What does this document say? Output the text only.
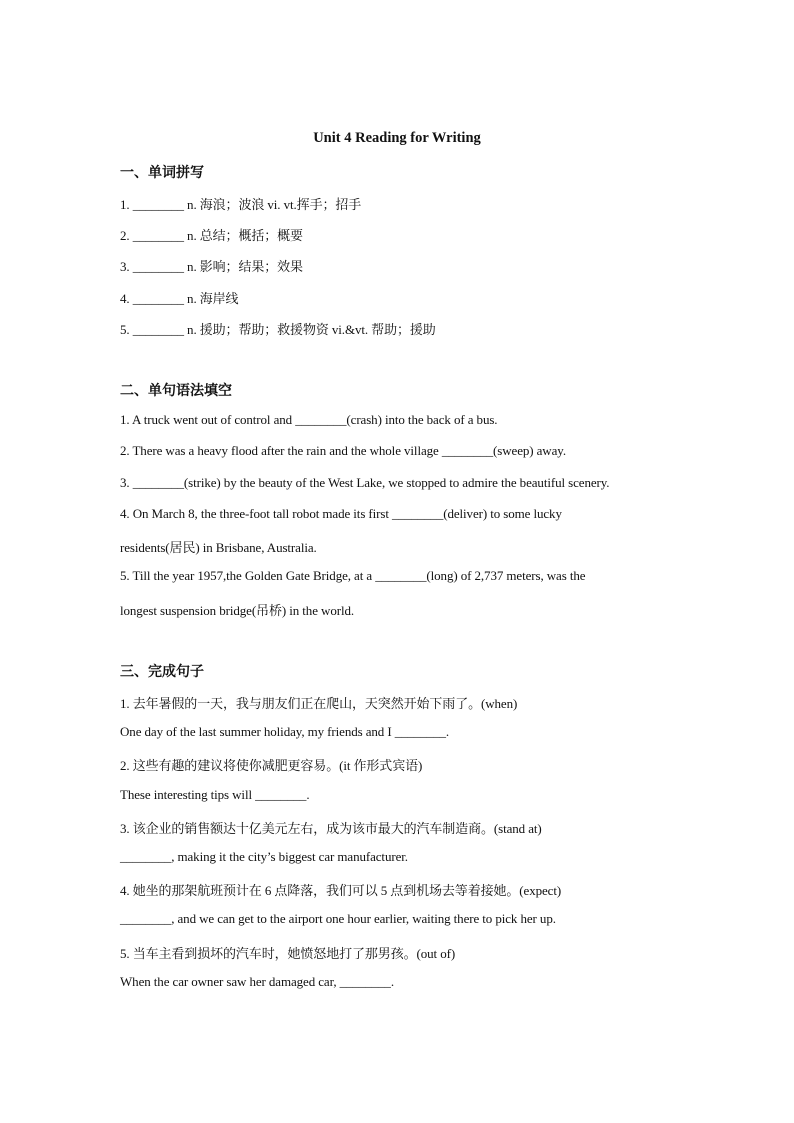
Unit 4 Reading for Writing
一、单词拼写
1. ________ n. 海浪；波浪 vi. vt.挥手；招手
2. ________ n. 总结；概括；概要
3. ________ n. 影响；结果；效果
4. ________ n. 海岸线
5. ________ n. 援助；帮助；救援物资 vi.&vt. 帮助；援助
二、单句语法填空
1. A truck went out of control and ________(crash) into the back of a bus.
2. There was a heavy flood after the rain and the whole village ________(sweep) away.
3. ________(strike) by the beauty of the West Lake, we stopped to admire the beautiful scenery.
4. On March 8, the three-foot tall robot made its first ________(deliver) to some lucky
residents(居民) in Brisbane, Australia.
5. Till the year 1957,the Golden Gate Bridge, at a ________(long) of 2,737 meters, was the
longest suspension bridge(吊桥) in the world.
三、完成句子
1. 去年暑假的一天，我与朋友们正在爬山，天突然开始下雨了。(when)
One day of the last summer holiday, my friends and I ________.
2. 这些有趣的建议将使你减肥更容易。(it 作形式宾语)
These interesting tips will ________.
3. 该企业的销售额达十亿美元左右，成为该市最大的汽车制造商。(stand at)
________, making it the city’s biggest car manufacturer.
4. 她坐的那架航班预计在 6 点降落，我们可以 5 点到机场去等着接她。(expect)
________, and we can get to the airport one hour earlier, waiting there to pick her up.
5. 当车主看到损坏的汽车时，她愤怒地打了那男孩。(out of)
When the car owner saw her damaged car, ________.
